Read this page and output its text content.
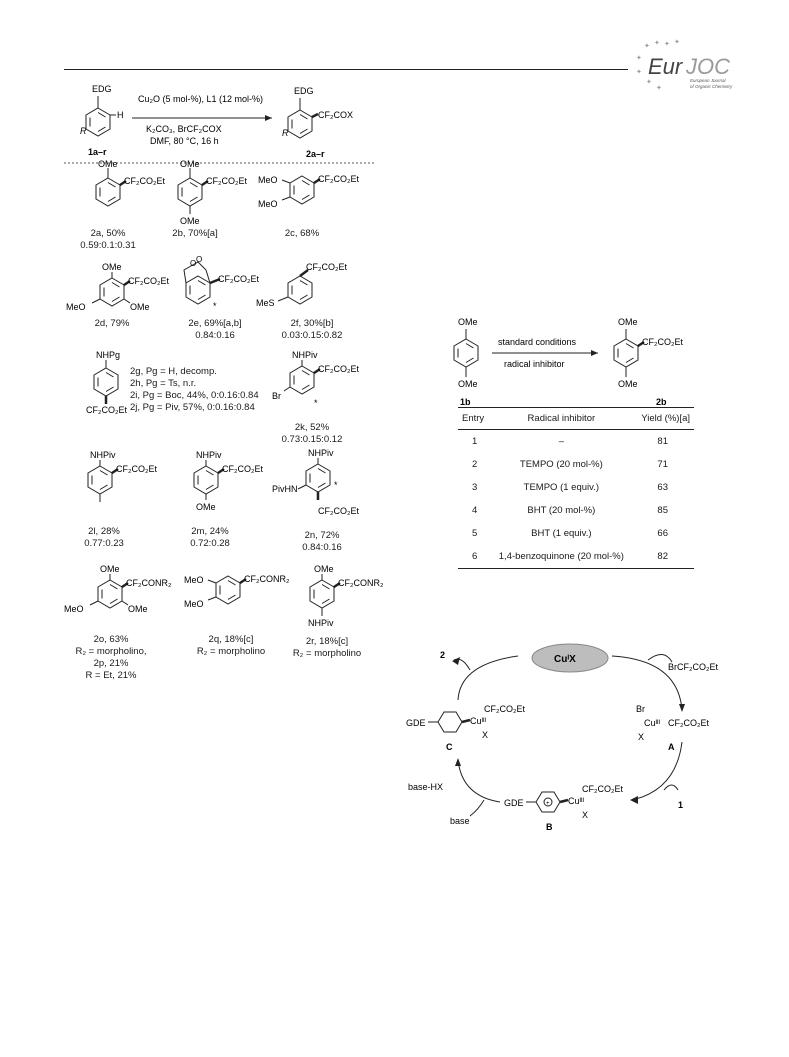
✦ ✦ ✦ ✦
✦
✦
✦
✦
Eur JOC
European Journal
of Organic Chemistry
EDG
H
R
1a–r
Cu₂O (5 mol-%), L1 (12 mol-%)
K₂CO₃, BrCF₂COX
DMF, 80 °C, 16 h
EDG
CF₂COX
R
2a–r
OMe
CF₂CO₂Et
OMe
CF₂CO₂Et
OMe
CF₂CO₂Et
MeO
MeO
OMe
CF₂CO₂Et
OMe
MeO
O O
CF₂CO₂Et
*
CF₂CO₂Et
MeS
NHPg
CF₂CO₂Et
NHPiv
CF₂CO₂Et
Br
*
NHPiv
CF₂CO₂Et
NHPiv
CF₂CO₂Et
OMe
NHPiv
PivHN
CF₂CO₂Et
*
OMe
CF₂CONR₂
OMe
MeO
CF₂CONR₂
MeO
MeO
OMe
CF₂CONR₂
NHPiv
2a, 50%
0.59:0.1:0.31
2b, 70%[a]	2c, 68%
2d, 79%	2e, 69%[a,b]
0.84:0.16
2f, 30%[b]
0.03:0.15:0.82
2g, Pg = H, decomp.
2h, Pg = Ts, n.r.
2i, Pg = Boc, 44%, 0:0.16:0.84
2j, Pg = Piv, 57%, 0:0.16:0.84
2k, 52%
0.73:0.15:0.12
2l, 28%
0.77:0.23
2m, 24%
0.72:0.28
2n, 72%
0.84:0.16
2o, 63%
R₂ = morpholino,
2p, 21%
R = Et, 21%
2q, 18%[c]
R₂ = morpholino
2r, 18%[c]
R₂ = morpholino
OMe
OMe
1b
standard conditions
radical inhibitor
OMe
CF₂CO₂Et
OMe
2b
Entry	Radical inhibitor	Yield (%)[a]
1	–	81
2	TEMPO (20 mol-%)	71
3	TEMPO (1 equiv.)	63
4	BHT (20 mol-%)	85
5	BHT (1 equiv.)	66
6	1,4-benzoquinone (20 mol-%)	82
CuᴵX
BrCF₂CO₂Et
1
base-HX
base
2
Br
Cuᴵᴵᴵ
X
CF₂CO₂Et
A
GDE	Cuᴵᴵᴵ
CF₂CO₂Et
X
C
GDE	+ Cuᴵᴵᴵ
CF₂CO₂Et
X
B
